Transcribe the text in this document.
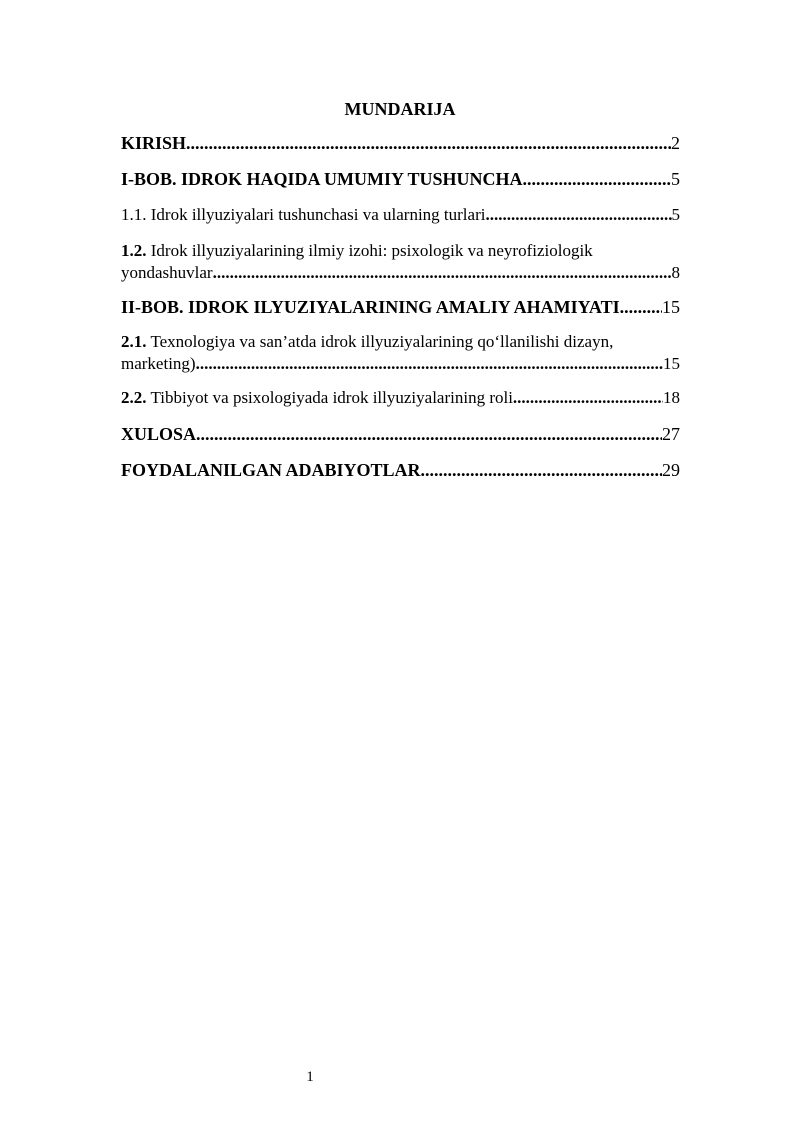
MUNDARIJA
KIRISH .....	2
I-BOB. IDROK HAQIDA UMUMIY TUSHUNCHA .....	5
1.1. Idrok illyuziyalari tushunchasi va ularning turlari .....	5
1.2. Idrok illyuziyalarining ilmiy izohi: psixologik va neyrofiziologik
yondashuvlar .....	8
II-BOB. IDROK ILYUZIYALARINING AMALIY AHAMIYATI. .....	15
2.1. Texnologiya va san’atda idrok illyuziyalarining qo‘llanilishi dizayn,
marketing) .....	15
2.2. Tibbiyot va psixologiyada idrok illyuziyalarining roli .....	18
XULOSA .....	27
FOYDALANILGAN ADABIYOTLAR .....	29
1
